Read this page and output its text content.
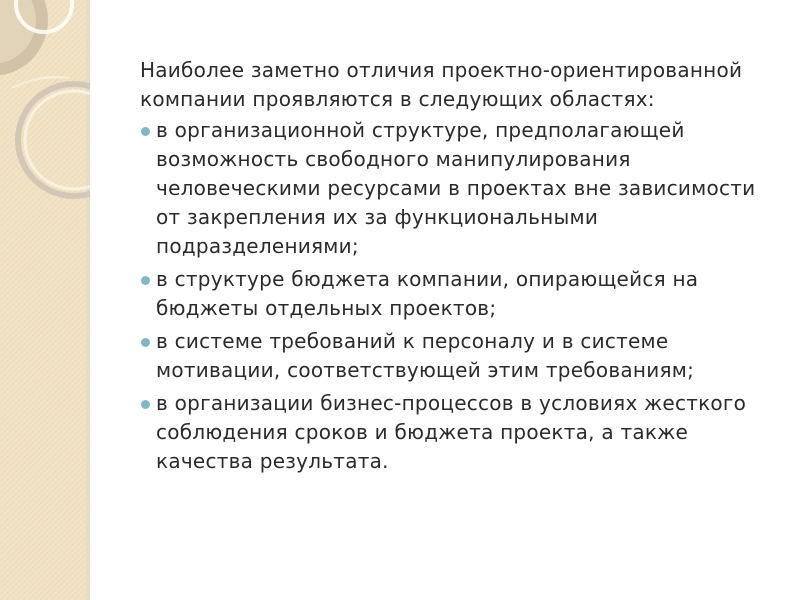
Наиболее заметно отличия проектно-ориентированной компании проявляются в следующих областях:
в организационной структуре, предполагающей возможность свободного манипулирования человеческими ресурсами в проектах вне зависимости от закрепления их за функциональными подразделениями;
в структуре бюджета компании, опирающейся на бюджеты отдельных проектов;
в системе требований к персоналу и в системе мотивации, соответствующей этим требованиям;
в организации бизнес-процессов в условиях жесткого соблюдения сроков и бюджета проекта, а также качества результата.
